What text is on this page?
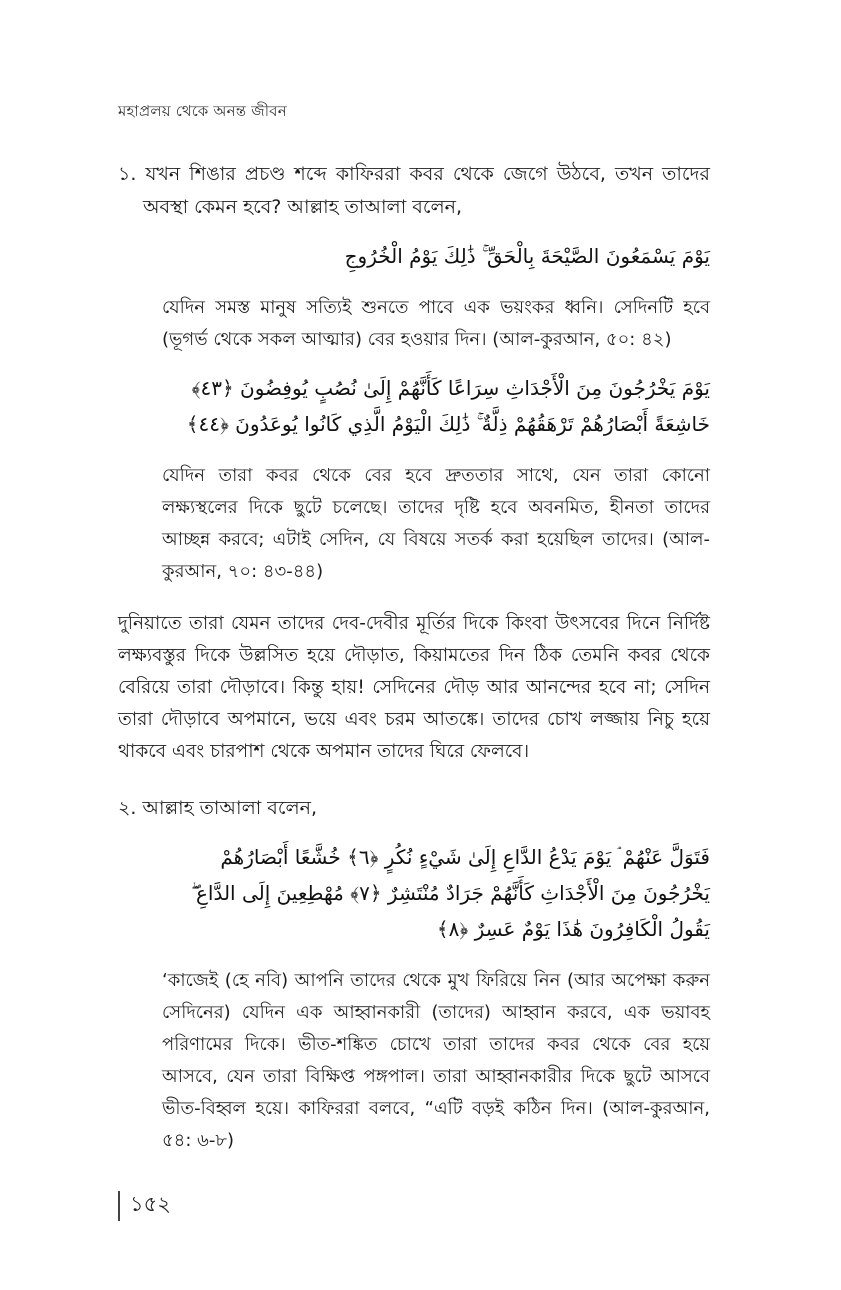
মহাপ্রলয় থেকে অনন্ত জীবন

১. যখন শিঙার প্রচণ্ড শব্দে কাফিররা কবর থেকে জেগে উঠবে, তখন তাদের অবস্থা কেমন হবে? আল্লাহ তাআলা বলেন,

يَوْمَ يَسْمَعُونَ الصَّيْحَةَ بِالْحَقِّ ۚ ذَٰلِكَ يَوْمُ الْخُرُوجِ

যেদিন সমস্ত মানুষ সত্যিই শুনতে পাবে এক ভয়ংকর ধ্বনি। সেদিনটি হবে (ভূগর্ভ থেকে সকল আত্মার) বের হওয়ার দিন। (আল-কুরআন, ৫০: ৪২)

يَوْمَ يَخْرُجُونَ مِنَ الْأَجْدَاثِ سِرَاعًا كَأَنَّهُمْ إِلَىٰ نُصُبٍ يُوفِضُونَ ﴿٤٣﴾ خَاشِعَةً أَبْصَارُهُمْ تَرْهَقُهُمْ ذِلَّةٌ ۚ ذَٰلِكَ الْيَوْمُ الَّذِي كَانُوا يُوعَدُونَ ﴿٤٤﴾

যেদিন তারা কবর থেকে বের হবে দ্রুততার সাথে, যেন তারা কোনো লক্ষ্যস্থলের দিকে ছুটে চলেছে। তাদের দৃষ্টি হবে অবনমিত, হীনতা তাদের আচ্ছন্ন করবে; এটাই সেদিন, যে বিষয়ে সতর্ক করা হয়েছিল তাদের। (আল-কুরআন, ৭০: ৪৩-৪৪)

দুনিয়াতে তারা যেমন তাদের দেব-দেবীর মূর্তির দিকে কিংবা উৎসবের দিনে নির্দিষ্ট লক্ষ্যবস্তুর দিকে উল্লসিত হয়ে দৌড়াত, কিয়ামতের দিন ঠিক তেমনি কবর থেকে বেরিয়ে তারা দৌড়াবে। কিন্তু হায়! সেদিনের দৌড় আর আনন্দের হবে না; সেদিন তারা দৌড়াবে অপমানে, ভয়ে এবং চরম আতঙ্কে। তাদের চোখ লজ্জায় নিচু হয়ে থাকবে এবং চারপাশ থেকে অপমান তাদের ঘিরে ফেলবে।

২. আল্লাহ তাআলা বলেন,

فَتَوَلَّ عَنْهُمْ ۘ يَوْمَ يَدْعُ الدَّاعِ إِلَىٰ شَيْءٍ نُكُرٍ ﴿٦﴾ خُشَّعًا أَبْصَارُهُمْ يَخْرُجُونَ مِنَ الْأَجْدَاثِ كَأَنَّهُمْ جَرَادٌ مُنْتَشِرٌ ﴿٧﴾ مُهْطِعِينَ إِلَى الدَّاعِ ۖ يَقُولُ الْكَافِرُونَ هَٰذَا يَوْمٌ عَسِرٌ ﴿٨﴾

‘কাজেই (হে নবি) আপনি তাদের থেকে মুখ ফিরিয়ে নিন (আর অপেক্ষা করুন সেদিনের) যেদিন এক আহ্বানকারী (তাদের) আহ্বান করবে, এক ভয়াবহ পরিণামের দিকে। ভীত-শঙ্কিত চোখে তারা তাদের কবর থেকে বের হয়ে আসবে, যেন তারা বিক্ষিপ্ত পঙ্গপাল। তারা আহ্বানকারীর দিকে ছুটে আসবে ভীত-বিহ্বল হয়ে। কাফিররা বলবে, “এটি বড়ই কঠিন দিন। (আল-কুরআন, ৫৪: ৬-৮)

১৫২
